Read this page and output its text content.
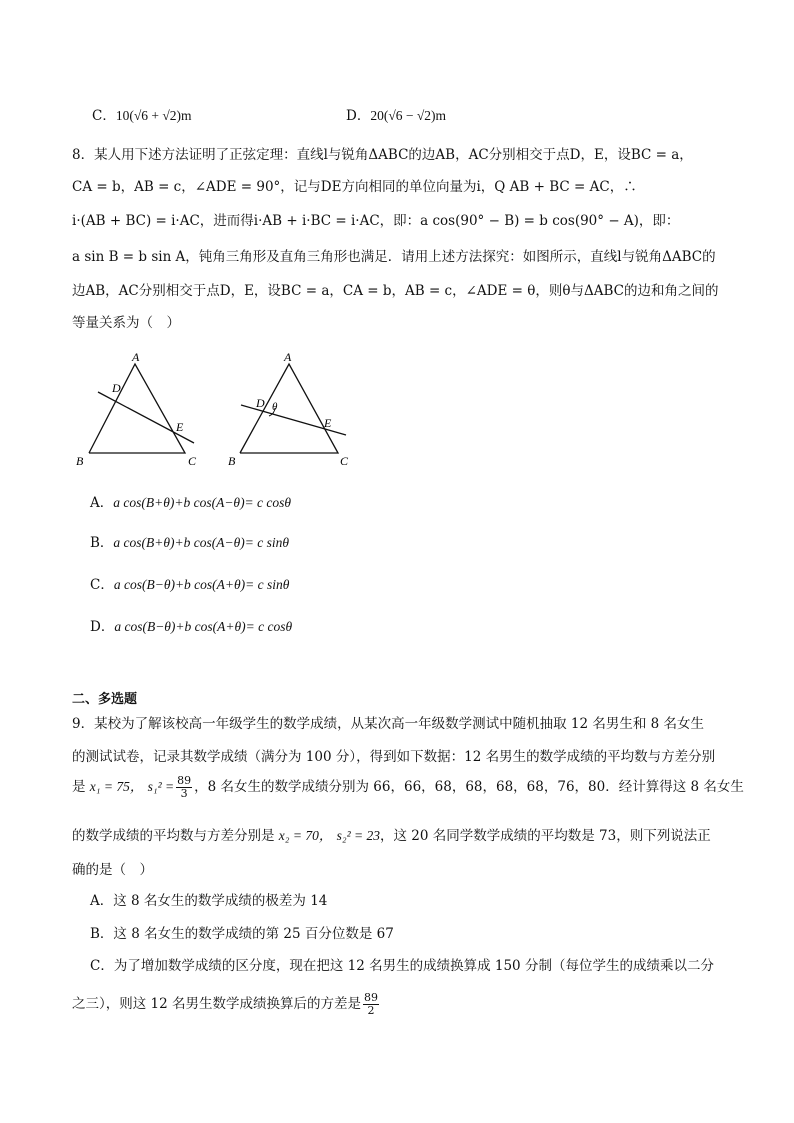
C．10(√6 + √2)m	D．20(√6 − √2)m
8．某人用下述方法证明了正弦定理：直线l与锐角ΔABC的边AB，AC分别相交于点D，E，设BC = a，
CA = b，AB = c，∠ADE = 90°，记与DE方向相同的单位向量为i，Q AB + BC = AC，∴
i·(AB + BC) = i·AC，进而得i·AB + i·BC = i·AC，即：a cos(90° − B) = b cos(90° − A)，即：
a sin B = b sin A，钝角三角形及直角三角形也满足．请用上述方法探究：如图所示，直线l与锐角ΔABC的
边AB，AC分别相交于点D，E，设BC = a，CA = b，AB = c，∠ADE = θ，则θ与ΔABC的边和角之间的
等量关系为（　）
A
D
E
B	C
A
D θ
E
B	C
A．a cos(B+θ)+b cos(A−θ)= c cosθ
B．a cos(B+θ)+b cos(A−θ)= c sinθ
C．a cos(B−θ)+b cos(A+θ)= c sinθ
D．a cos(B−θ)+b cos(A+θ)= c cosθ
二、多选题
9．某校为了解该校高一年级学生的数学成绩，从某次高一年级数学测试中随机抽取 12 名男生和 8 名女生
的测试试卷，记录其数学成绩（满分为 100 分），得到如下数据：12 名男生的数学成绩的平均数与方差分别
是 x₁ = 75， $s_1^2 = \frac{89}{3}$ ，8 名女生的数学成绩分别为 66，66，68，68，68，68，76，80．经计算得这 8 名女生
的数学成绩的平均数与方差分别是 x₂ = 70， s₂² = 23，这 20 名同学数学成绩的平均数是 73，则下列说法正
确的是（　）
A．这 8 名女生的数学成绩的极差为 14
B．这 8 名女生的数学成绩的第 25 百分位数是 67
C．为了增加数学成绩的区分度，现在把这 12 名男生的成绩换算成 150 分制（每位学生的成绩乘以二分
之三），则这 12 名男生数学成绩换算后的方差是 $\frac{89}{2}$
